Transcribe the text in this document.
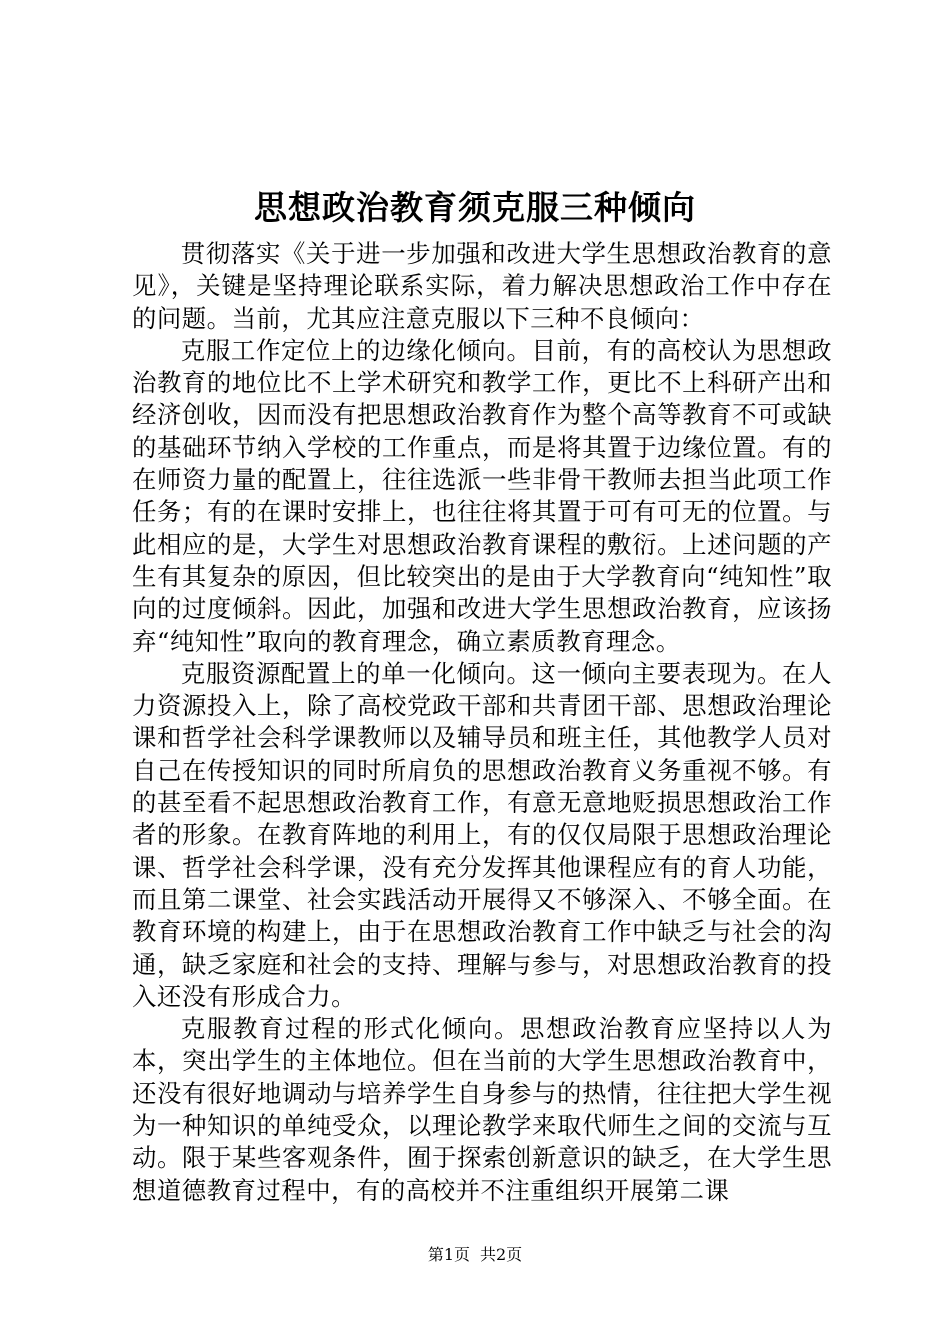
思想政治教育须克服三种倾向

贯彻落实《关于进一步加强和改进大学生思想政治教育的意见》，关键是坚持理论联系实际，着力解决思想政治工作中存在的问题。当前，尤其应注意克服以下三种不良倾向：

克服工作定位上的边缘化倾向。目前，有的高校认为思想政治教育的地位比不上学术研究和教学工作，更比不上科研产出和经济创收，因而没有把思想政治教育作为整个高等教育不可或缺的基础环节纳入学校的工作重点，而是将其置于边缘位置。有的在师资力量的配置上，往往选派一些非骨干教师去担当此项工作任务；有的在课时安排上，也往往将其置于可有可无的位置。与此相应的是，大学生对思想政治教育课程的敷衍。上述问题的产生有其复杂的原因，但比较突出的是由于大学教育向“纯知性”取向的过度倾斜。因此，加强和改进大学生思想政治教育，应该扬弃“纯知性”取向的教育理念，确立素质教育理念。

克服资源配置上的单一化倾向。这一倾向主要表现为。在人力资源投入上，除了高校党政干部和共青团干部、思想政治理论课和哲学社会科学课教师以及辅导员和班主任，其他教学人员对自己在传授知识的同时所肩负的思想政治教育义务重视不够。有的甚至看不起思想政治教育工作，有意无意地贬损思想政治工作者的形象。在教育阵地的利用上，有的仅仅局限于思想政治理论课、哲学社会科学课，没有充分发挥其他课程应有的育人功能，而且第二课堂、社会实践活动开展得又不够深入、不够全面。在教育环境的构建上，由于在思想政治教育工作中缺乏与社会的沟通，缺乏家庭和社会的支持、理解与参与，对思想政治教育的投入还没有形成合力。

克服教育过程的形式化倾向。思想政治教育应坚持以人为本，突出学生的主体地位。但在当前的大学生思想政治教育中，还没有很好地调动与培养学生自身参与的热情，往往把大学生视为一种知识的单纯受众，以理论教学来取代师生之间的交流与互动。限于某些客观条件，囿于探索创新意识的缺乏，在大学生思想道德教育过程中，有的高校并不注重组织开展第二课

第1页 共2页
